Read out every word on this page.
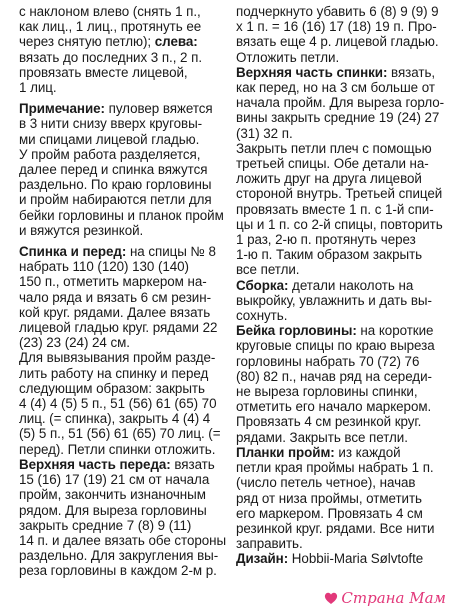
с наклоном влево (снять 1 п.,
как лиц., 1 лиц., протянуть ее
через снятую петлю); слева:
вязать до последних 3 п., 2 п.
провязать вместе лицевой,
1 лиц.
Примечание: пуловер вяжется
в 3 нити снизу вверх круговы-
ми спицами лицевой гладью.
У пройм работа разделяется,
далее перед и спинка вяжутся
раздельно. По краю горловины
и пройм набираются петли для
бейки горловины и планок пройм
и вяжутся резинкой.
Спинка и перед: на спицы № 8
набрать 110 (120) 130 (140)
150 п., отметить маркером на-
чало ряда и вязать 6 см резин-
кой круг. рядами. Далее вязать
лицевой гладью круг. рядами 22
(23) 23 (24) 24 см.
Для вывязывания пройм разде-
лить работу на спинку и перед
следующим образом: закрыть
4 (4) 4 (5) 5 п., 51 (56) 61 (65) 70
лиц. (= спинка), закрыть 4 (4) 4
(5) 5 п., 51 (56) 61 (65) 70 лиц. (=
перед). Петли спинки отложить.
Верхняя часть переда: вязать
15 (16) 17 (19) 21 см от начала
пройм, закончить изнаночным
рядом. Для выреза горловины
закрыть средние 7 (8) 9 (11)
14 п. и далее вязать обе стороны
раздельно. Для закругления вы-
реза горловины в каждом 2-м р.
подчеркнуто убавить 6 (8) 9 (9) 9
х 1 п. = 16 (16) 17 (18) 19 п. Про-
вязать еще 4 р. лицевой гладью.
Отложить петли.
Верхняя часть спинки: вязать,
как перед, но на 3 см больше от
начала пройм. Для выреза горло-
вины закрыть средние 19 (24) 27
(31) 32 п.
Закрыть петли плеч с помощью
третьей спицы. Обе детали на-
ложить друг на друга лицевой
стороной внутрь. Третьей спицей
провязать вместе 1 п. с 1-й спи-
цы и 1 п. со 2-й спицы, повторить
1 раз, 2-ю п. протянуть через
1-ю п. Таким образом закрыть
все петли.
Сборка: детали наколоть на
выкройку, увлажнить и дать вы-
сохнуть.
Бейка горловины: на короткие
круговые спицы по краю выреза
горловины набрать 70 (72) 76
(80) 82 п., начав ряд на середи-
не выреза горловины спинки,
отметить его начало маркером.
Провязать 4 см резинкой круг.
рядами. Закрыть все петли.
Планки пройм: из каждой
петли края проймы набрать 1 п.
(число петель четное), начав
ряд от низа проймы, отметить
его маркером. Провязать 4 см
резинкой круг. рядами. Все нити
заправить.
Дизайн: Hobbii-Maria Sølvtofte
Страна Мам
